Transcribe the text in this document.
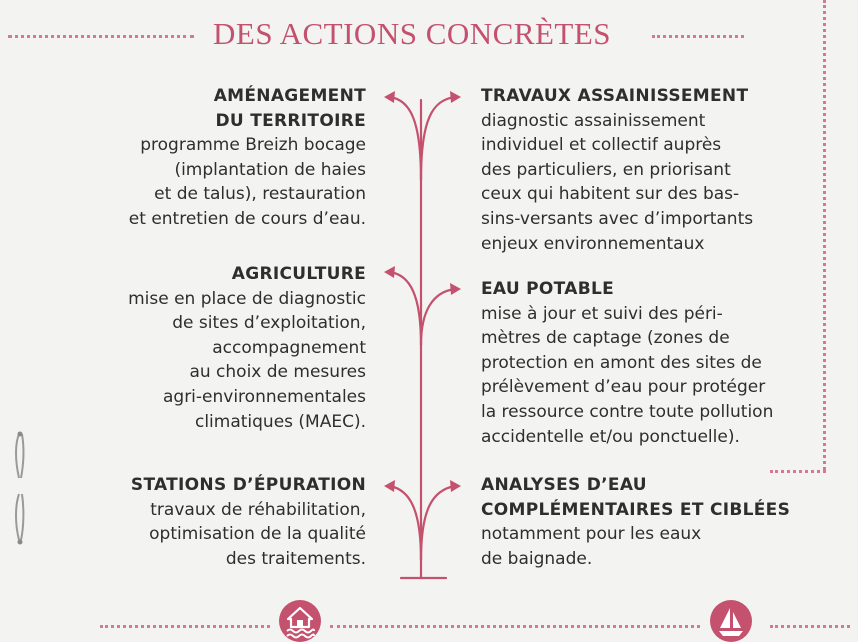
DES ACTIONS CONCRÈTES
AMÉNAGEMENT
DU TERRITOIRE
programme Breizh bocage
(implantation de haies
et de talus), restauration
et entretien de cours d’eau.
AGRICULTURE
mise en place de diagnostic
de sites d’exploitation,
accompagnement
au choix de mesures
agri-environnementales
climatiques (MAEC).
STATIONS D’ÉPURATION
travaux de réhabilitation,
optimisation de la qualité
des traitements.
TRAVAUX ASSAINISSEMENT
diagnostic assainissement
individuel et collectif auprès
des particuliers, en priorisant
ceux qui habitent sur des bas-
sins-versants avec d’importants
enjeux environnementaux
EAU POTABLE
mise à jour et suivi des péri-
mètres de captage (zones de
protection en amont des sites de
prélèvement d’eau pour protéger
la ressource contre toute pollution
accidentelle et/ou ponctuelle).
ANALYSES D’EAU
COMPLÉMENTAIRES ET CIBLÉES
notamment pour les eaux
de baignade.
